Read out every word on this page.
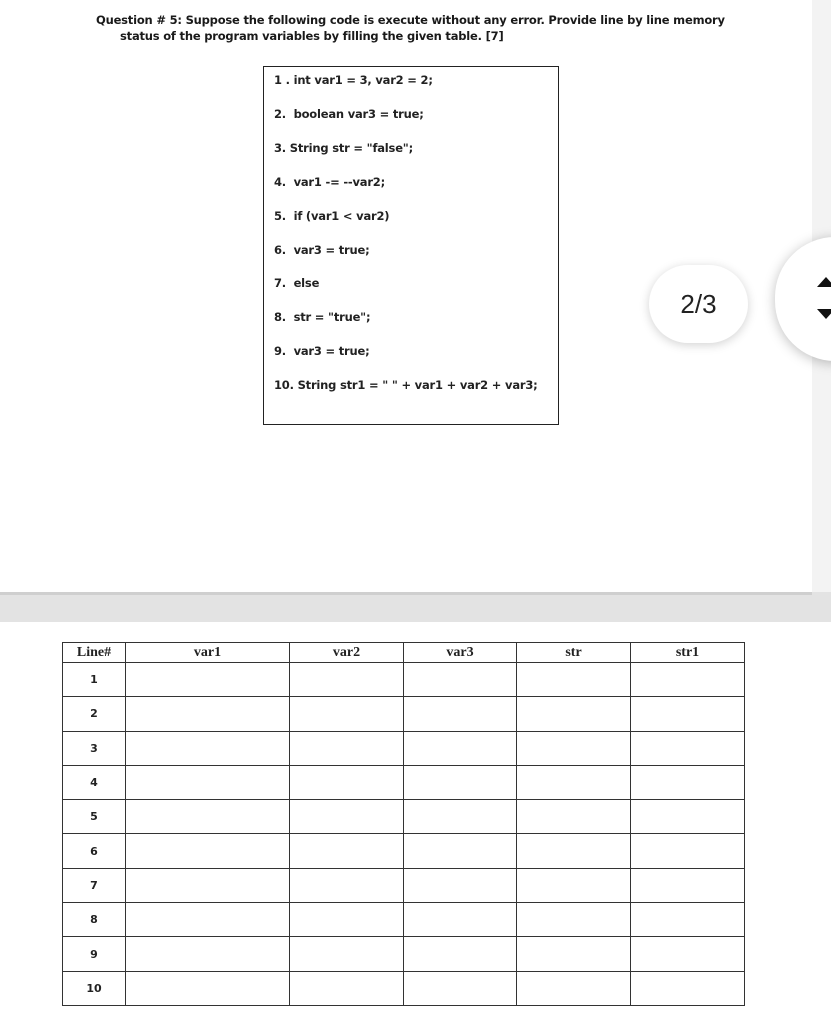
Question # 5: Suppose the following code is execute without any error. Provide line by line memory
status of the program variables by filling the given table. [7]
1 . int var1 = 3, var2 = 2;
2.  boolean var3 = true;
3. String str = "false";
4.  var1 -= --var2;
5.  if (var1 < var2)
6.  var3 = true;
7.  else
8.  str = "true";
9.  var3 = true;
10. String str1 = " " + var1 + var2 + var3;
Line#	var1	var2	var3	str	str1
1					
2					
3					
4					
5					
6					
7					
8					
9					
10					
2/3
